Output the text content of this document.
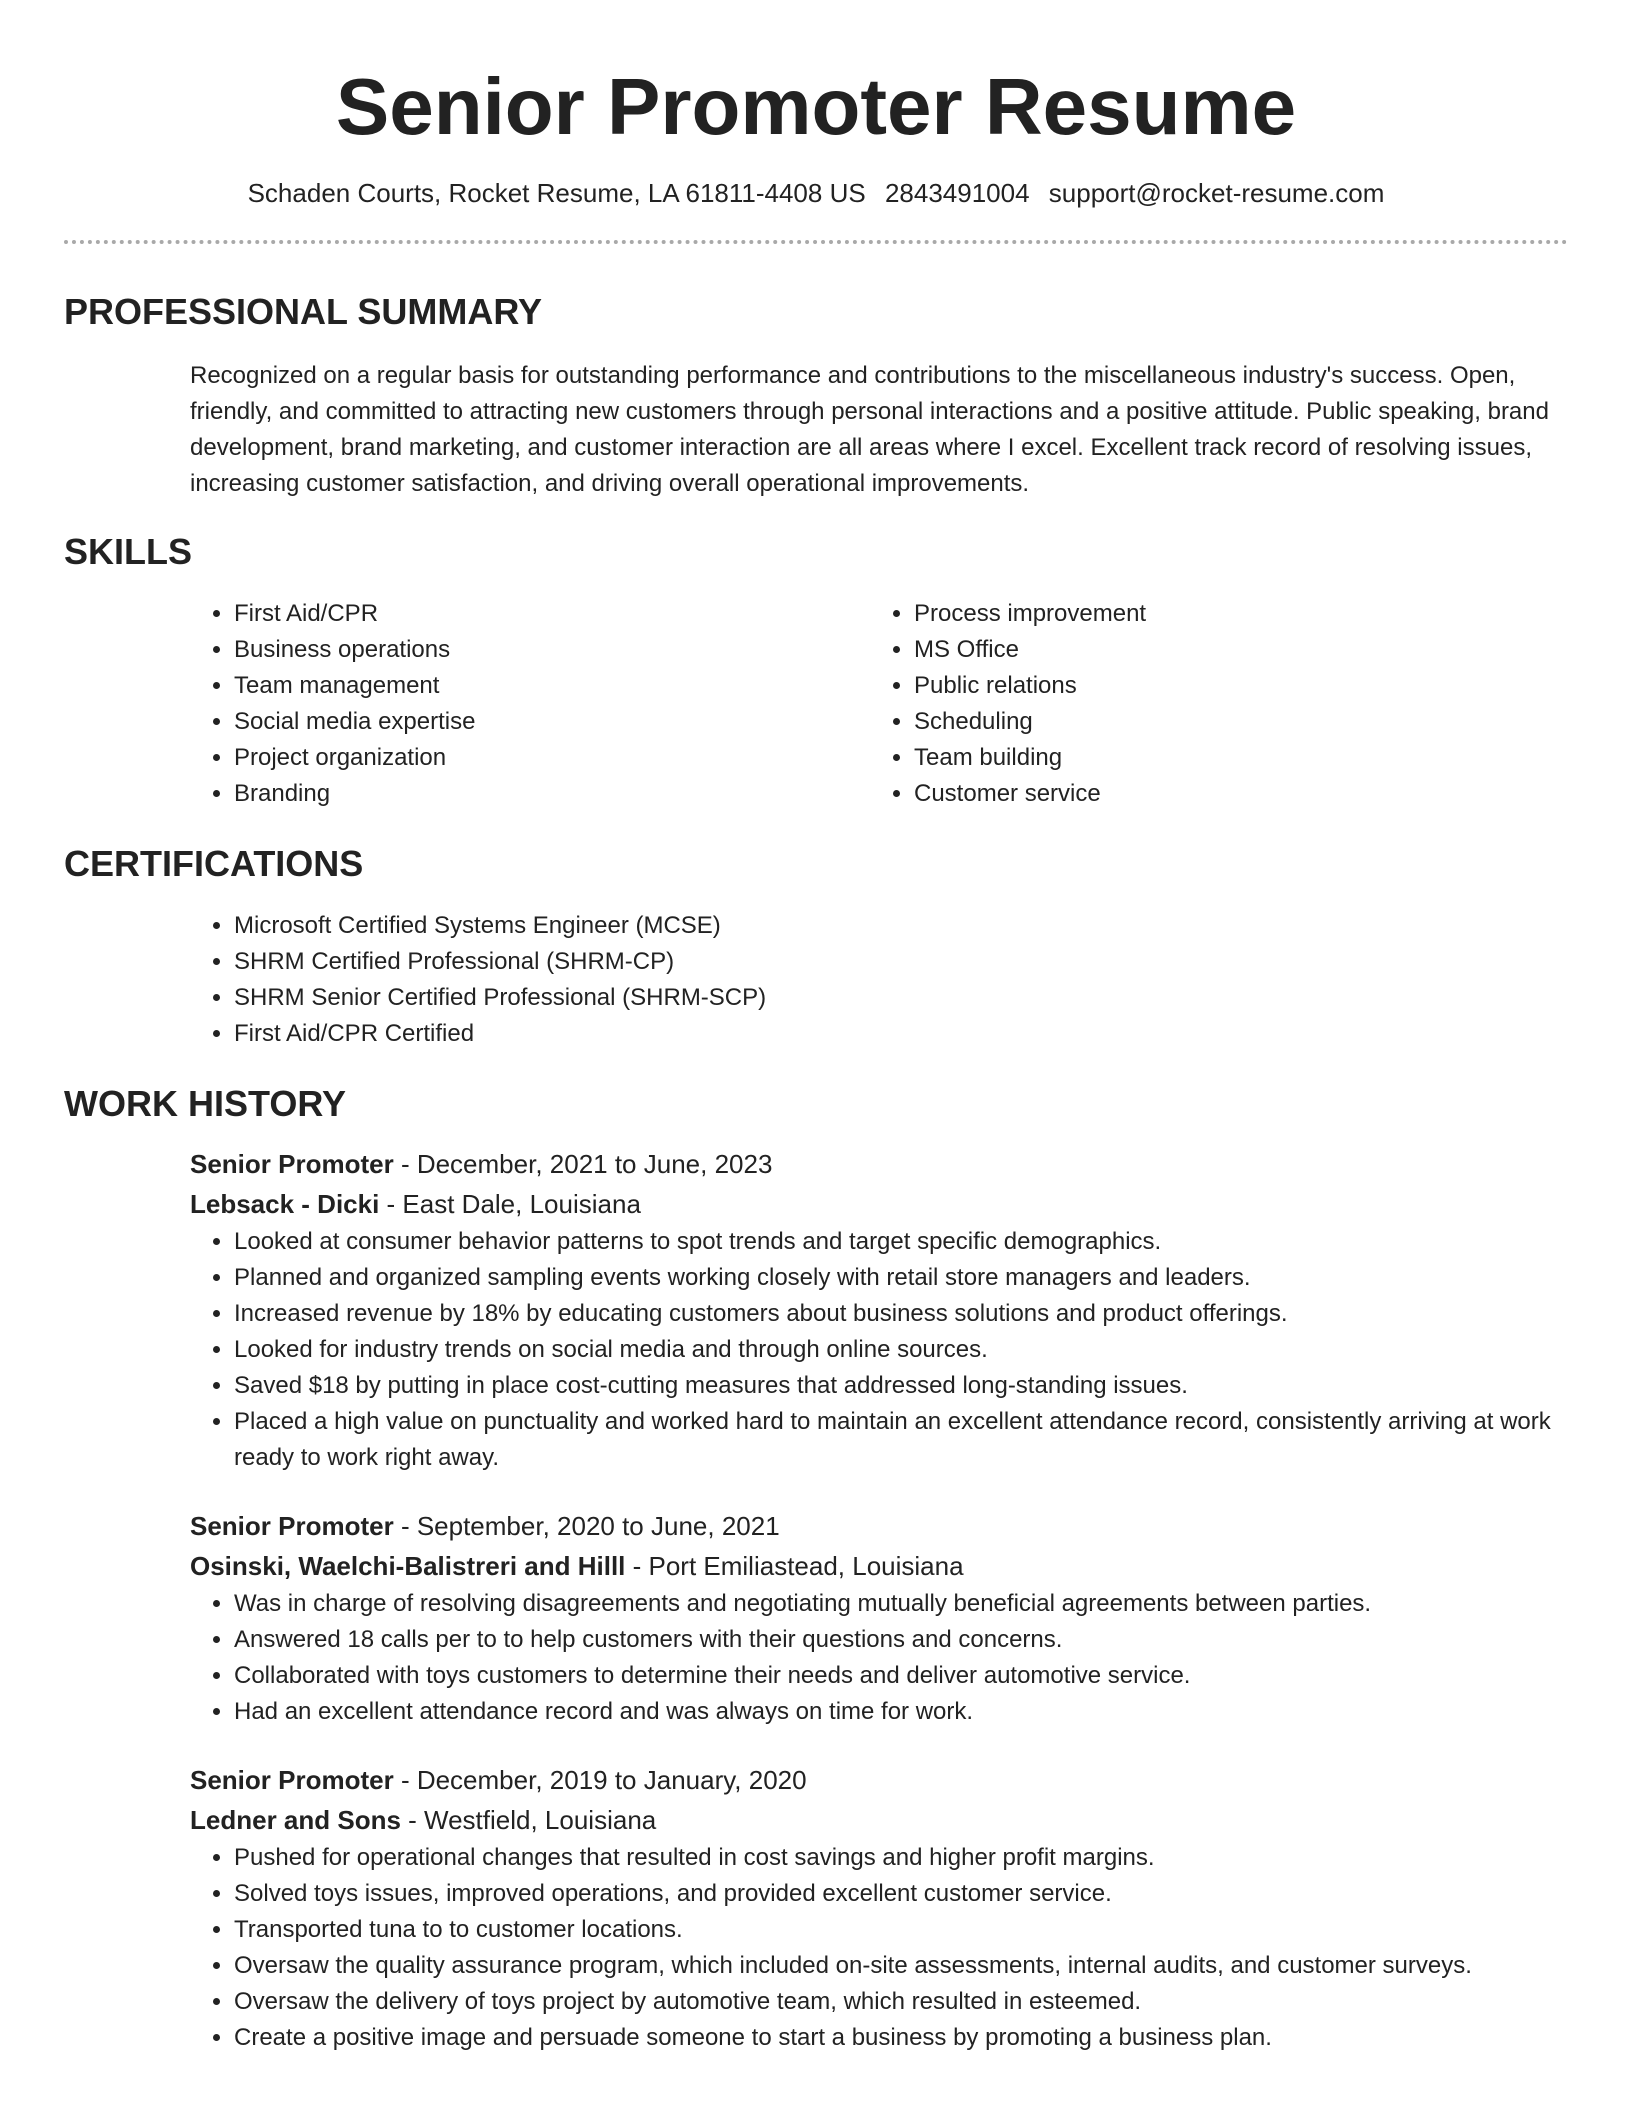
Senior Promoter Resume
Schaden Courts, Rocket Resume, LA 61811-4408 US 2843491004 support@rocket-resume.com
PROFESSIONAL SUMMARY

Recognized on a regular basis for outstanding performance and contributions to the miscellaneous industry's success. Open, friendly, and committed to attracting new customers through personal interactions and a positive attitude. Public speaking, brand development, brand marketing, and customer interaction are all areas where I excel. Excellent track record of resolving issues, increasing customer satisfaction, and driving overall operational improvements.

SKILLS
• First Aid/CPR
• Business operations
• Team management
• Social media expertise
• Project organization
• Branding
• Process improvement
• MS Office
• Public relations
• Scheduling
• Team building
• Customer service
CERTIFICATIONS
• Microsoft Certified Systems Engineer (MCSE)
• SHRM Certified Professional (SHRM-CP)
• SHRM Senior Certified Professional (SHRM-SCP)
• First Aid/CPR Certified
WORK HISTORY
Senior Promoter - December, 2021 to June, 2023
Lebsack - Dicki - East Dale, Louisiana
• Looked at consumer behavior patterns to spot trends and target specific demographics.
• Planned and organized sampling events working closely with retail store managers and leaders.
• Increased revenue by 18% by educating customers about business solutions and product offerings.
• Looked for industry trends on social media and through online sources.
• Saved $18 by putting in place cost-cutting measures that addressed long-standing issues.
• Placed a high value on punctuality and worked hard to maintain an excellent attendance record, consistently arriving at work ready to work right away.
Senior Promoter - September, 2020 to June, 2021
Osinski, Waelchi-Balistreri and Hilll - Port Emiliastead, Louisiana
• Was in charge of resolving disagreements and negotiating mutually beneficial agreements between parties.
• Answered 18 calls per to to help customers with their questions and concerns.
• Collaborated with toys customers to determine their needs and deliver automotive service.
• Had an excellent attendance record and was always on time for work.
Senior Promoter - December, 2019 to January, 2020
Ledner and Sons - Westfield, Louisiana
• Pushed for operational changes that resulted in cost savings and higher profit margins.
• Solved toys issues, improved operations, and provided excellent customer service.
• Transported tuna to to customer locations.
• Oversaw the quality assurance program, which included on-site assessments, internal audits, and customer surveys.
• Oversaw the delivery of toys project by automotive team, which resulted in esteemed.
• Create a positive image and persuade someone to start a business by promoting a business plan.
